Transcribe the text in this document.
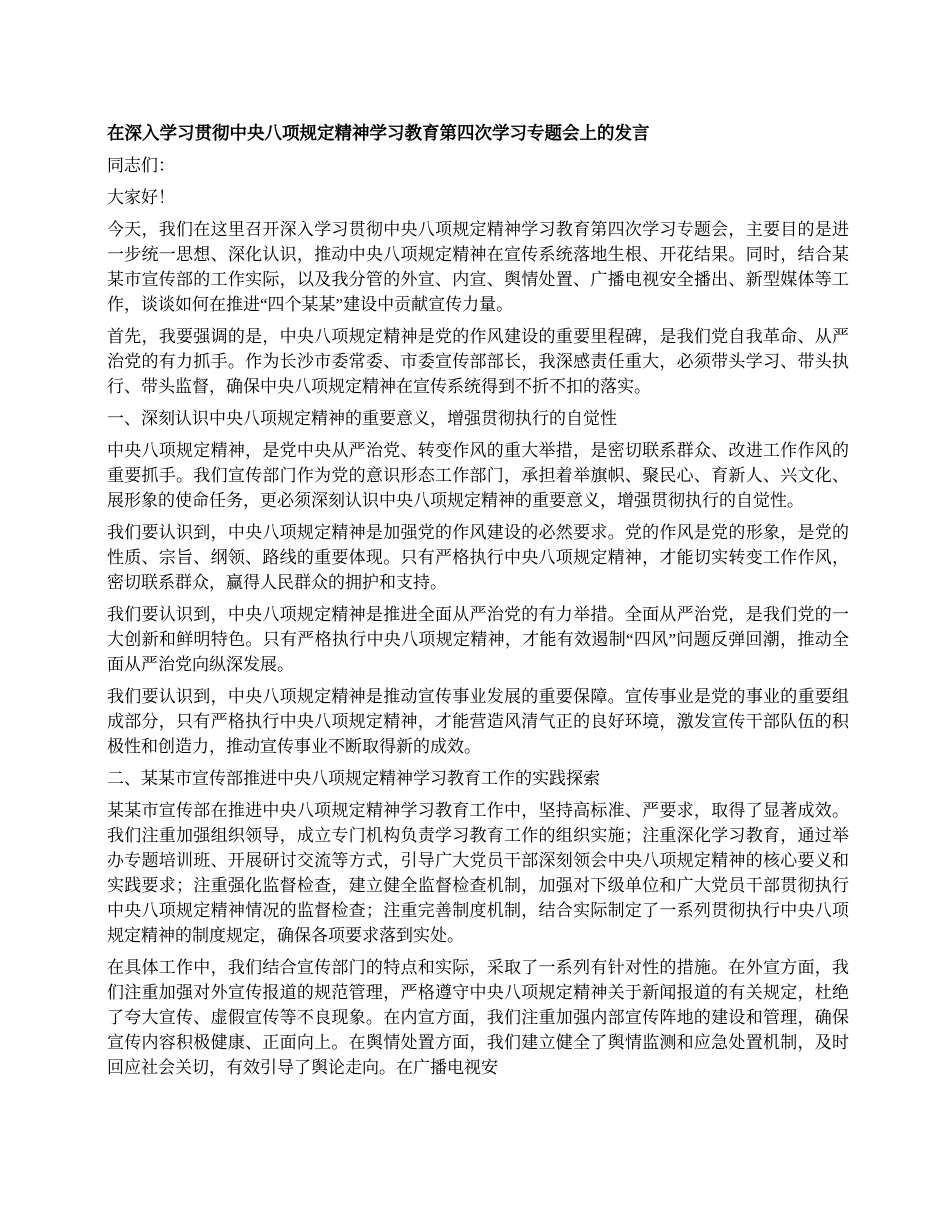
在深入学习贯彻中央八项规定精神学习教育第四次学习专题会上的发言

同志们：

大家好！

今天，我们在这里召开深入学习贯彻中央八项规定精神学习教育第四次学习专题会，主要目的是进一步统一思想、深化认识，推动中央八项规定精神在宣传系统落地生根、开花结果。同时，结合某某市宣传部的工作实际，以及我分管的外宣、内宣、舆情处置、广播电视安全播出、新型媒体等工作，谈谈如何在推进“四个某某”建设中贡献宣传力量。

首先，我要强调的是，中央八项规定精神是党的作风建设的重要里程碑，是我们党自我革命、从严治党的有力抓手。作为长沙市委常委、市委宣传部部长，我深感责任重大，必须带头学习、带头执行、带头监督，确保中央八项规定精神在宣传系统得到不折不扣的落实。

一、深刻认识中央八项规定精神的重要意义，增强贯彻执行的自觉性

中央八项规定精神，是党中央从严治党、转变作风的重大举措，是密切联系群众、改进工作作风的重要抓手。我们宣传部门作为党的意识形态工作部门，承担着举旗帜、聚民心、育新人、兴文化、展形象的使命任务，更必须深刻认识中央八项规定精神的重要意义，增强贯彻执行的自觉性。

我们要认识到，中央八项规定精神是加强党的作风建设的必然要求。党的作风是党的形象，是党的性质、宗旨、纲领、路线的重要体现。只有严格执行中央八项规定精神，才能切实转变工作作风，密切联系群众，赢得人民群众的拥护和支持。

我们要认识到，中央八项规定精神是推进全面从严治党的有力举措。全面从严治党，是我们党的一大创新和鲜明特色。只有严格执行中央八项规定精神，才能有效遏制“四风”问题反弹回潮，推动全面从严治党向纵深发展。

我们要认识到，中央八项规定精神是推动宣传事业发展的重要保障。宣传事业是党的事业的重要组成部分，只有严格执行中央八项规定精神，才能营造风清气正的良好环境，激发宣传干部队伍的积极性和创造力，推动宣传事业不断取得新的成效。

二、某某市宣传部推进中央八项规定精神学习教育工作的实践探索

某某市宣传部在推进中央八项规定精神学习教育工作中，坚持高标准、严要求，取得了显著成效。我们注重加强组织领导，成立专门机构负责学习教育工作的组织实施；注重深化学习教育，通过举办专题培训班、开展研讨交流等方式，引导广大党员干部深刻领会中央八项规定精神的核心要义和实践要求；注重强化监督检查，建立健全监督检查机制，加强对下级单位和广大党员干部贯彻执行中央八项规定精神情况的监督检查；注重完善制度机制，结合实际制定了一系列贯彻执行中央八项规定精神的制度规定，确保各项要求落到实处。

在具体工作中，我们结合宣传部门的特点和实际，采取了一系列有针对性的措施。在外宣方面，我们注重加强对外宣传报道的规范管理，严格遵守中央八项规定精神关于新闻报道的有关规定，杜绝了夸大宣传、虚假宣传等不良现象。在内宣方面，我们注重加强内部宣传阵地的建设和管理，确保宣传内容积极健康、正面向上。在舆情处置方面，我们建立健全了舆情监测和应急处置机制，及时回应社会关切，有效引导了舆论走向。在广播电视安
